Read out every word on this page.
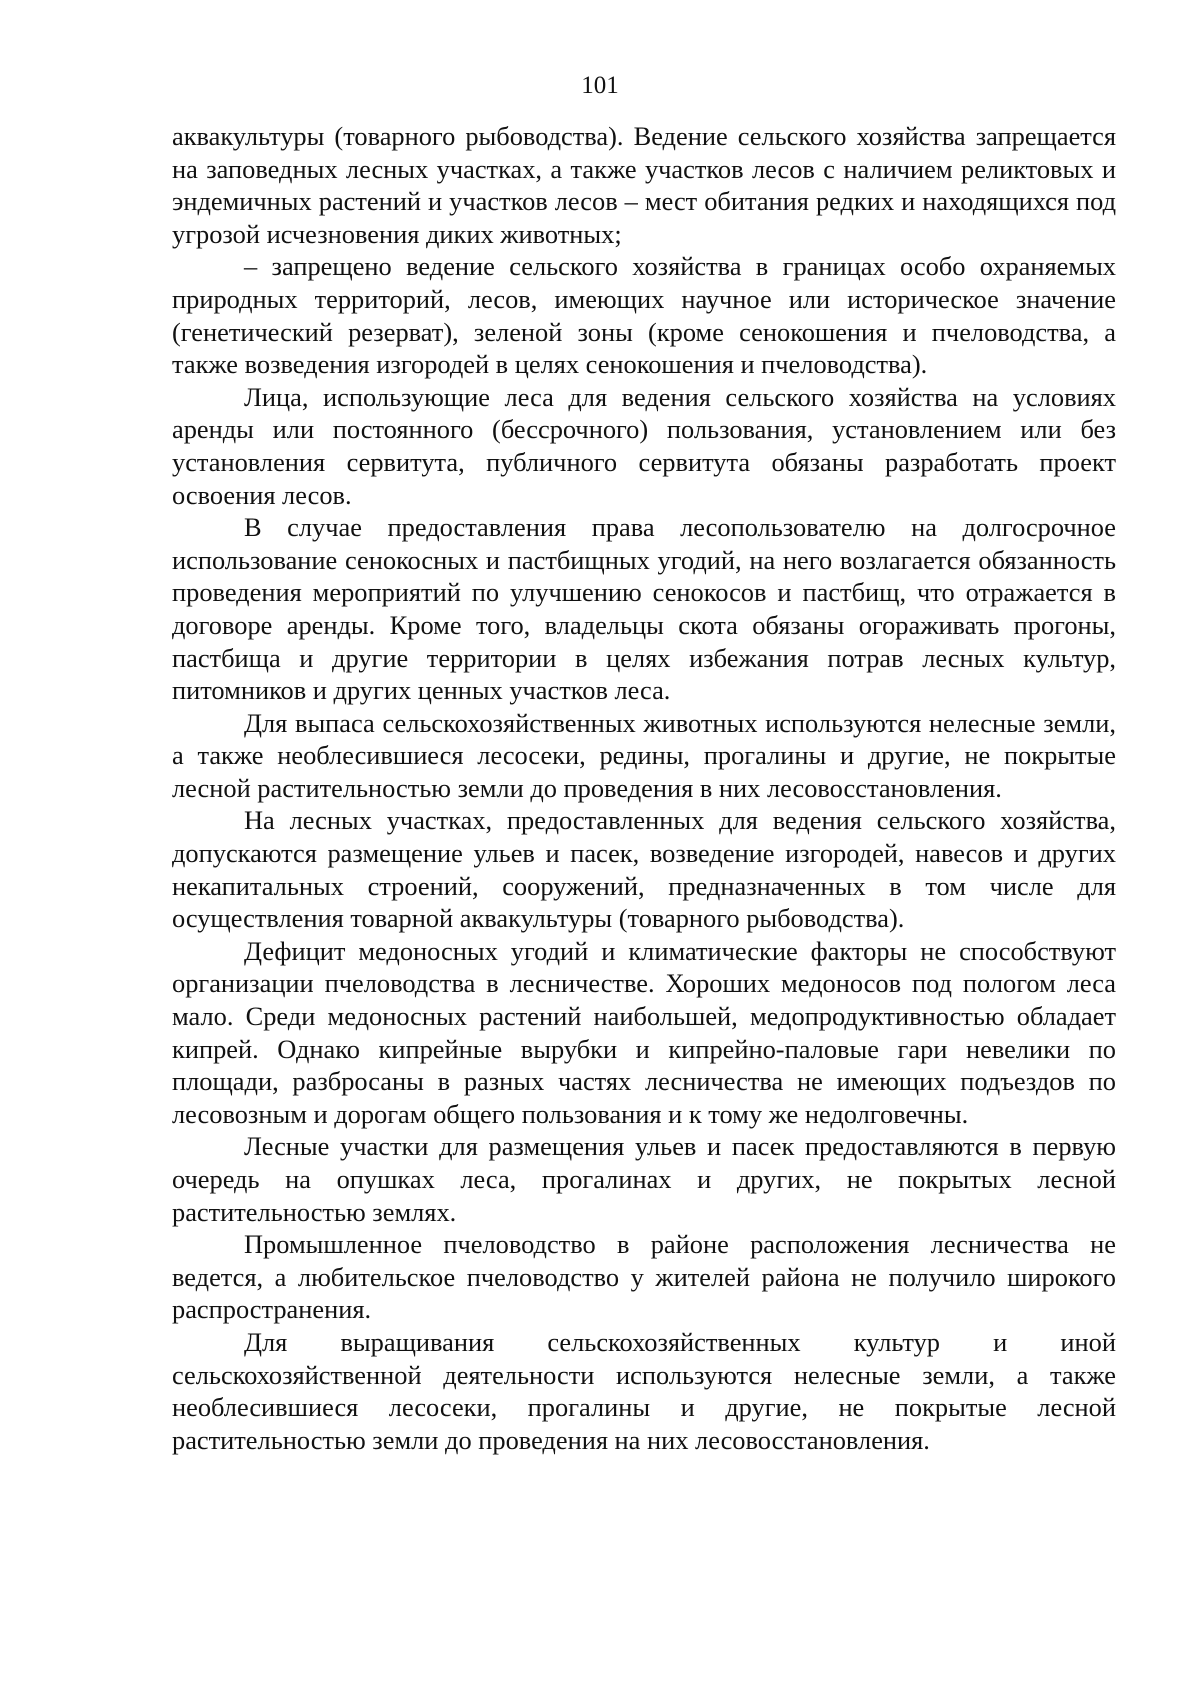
101

аквакультуры (товарного рыбоводства). Ведение сельского хозяйства запрещается на заповедных лесных участках, а также участков лесов с наличием реликтовых и эндемичных растений и участков лесов – мест обитания редких и находящихся под угрозой исчезновения диких животных;

– запрещено ведение сельского хозяйства в границах особо охраняемых природных территорий, лесов, имеющих научное или историческое значение (генетический резерват), зеленой зоны (кроме сенокошения и пчеловодства, а также возведения изгородей в целях сенокошения и пчеловодства).

Лица, использующие леса для ведения сельского хозяйства на условиях аренды или постоянного (бессрочного) пользования, установлением или без установления сервитута, публичного сервитута обязаны разработать проект освоения лесов.

В случае предоставления права лесопользователю на долгосрочное использование сенокосных и пастбищных угодий, на него возлагается обязанность проведения мероприятий по улучшению сенокосов и пастбищ, что отражается в договоре аренды. Кроме того, владельцы скота обязаны огораживать прогоны, пастбища и другие территории в целях избежания потрав лесных культур, питомников и других ценных участков леса.

Для выпаса сельскохозяйственных животных используются нелесные земли, а также необлесившиеся лесосеки, редины, прогалины и другие, не покрытые лесной растительностью земли до проведения в них лесовосстановления.

На лесных участках, предоставленных для ведения сельского хозяйства, допускаются размещение ульев и пасек, возведение изгородей, навесов и других некапитальных строений, сооружений, предназначенных в том числе для осуществления товарной аквакультуры (товарного рыбоводства).

Дефицит медоносных угодий и климатические факторы не способствуют организации пчеловодства в лесничестве. Хороших медоносов под пологом леса мало. Среди медоносных растений наибольшей, медопродуктивностью обладает кипрей. Однако кипрейные вырубки и кипрейно-паловые гари невелики по площади, разбросаны в разных частях лесничества не имеющих подъездов по лесовозным и дорогам общего пользования и к тому же недолговечны.

Лесные участки для размещения ульев и пасек предоставляются в первую очередь на опушках леса, прогалинах и других, не покрытых лесной растительностью землях.

Промышленное пчеловодство в районе расположения лесничества не ведется, а любительское пчеловодство у жителей района не получило широкого распространения.

Для выращивания сельскохозяйственных культур и иной сельскохозяйственной деятельности используются нелесные земли, а также необлесившиеся лесосеки, прогалины и другие, не покрытые лесной растительностью земли до проведения на них лесовосстановления.
